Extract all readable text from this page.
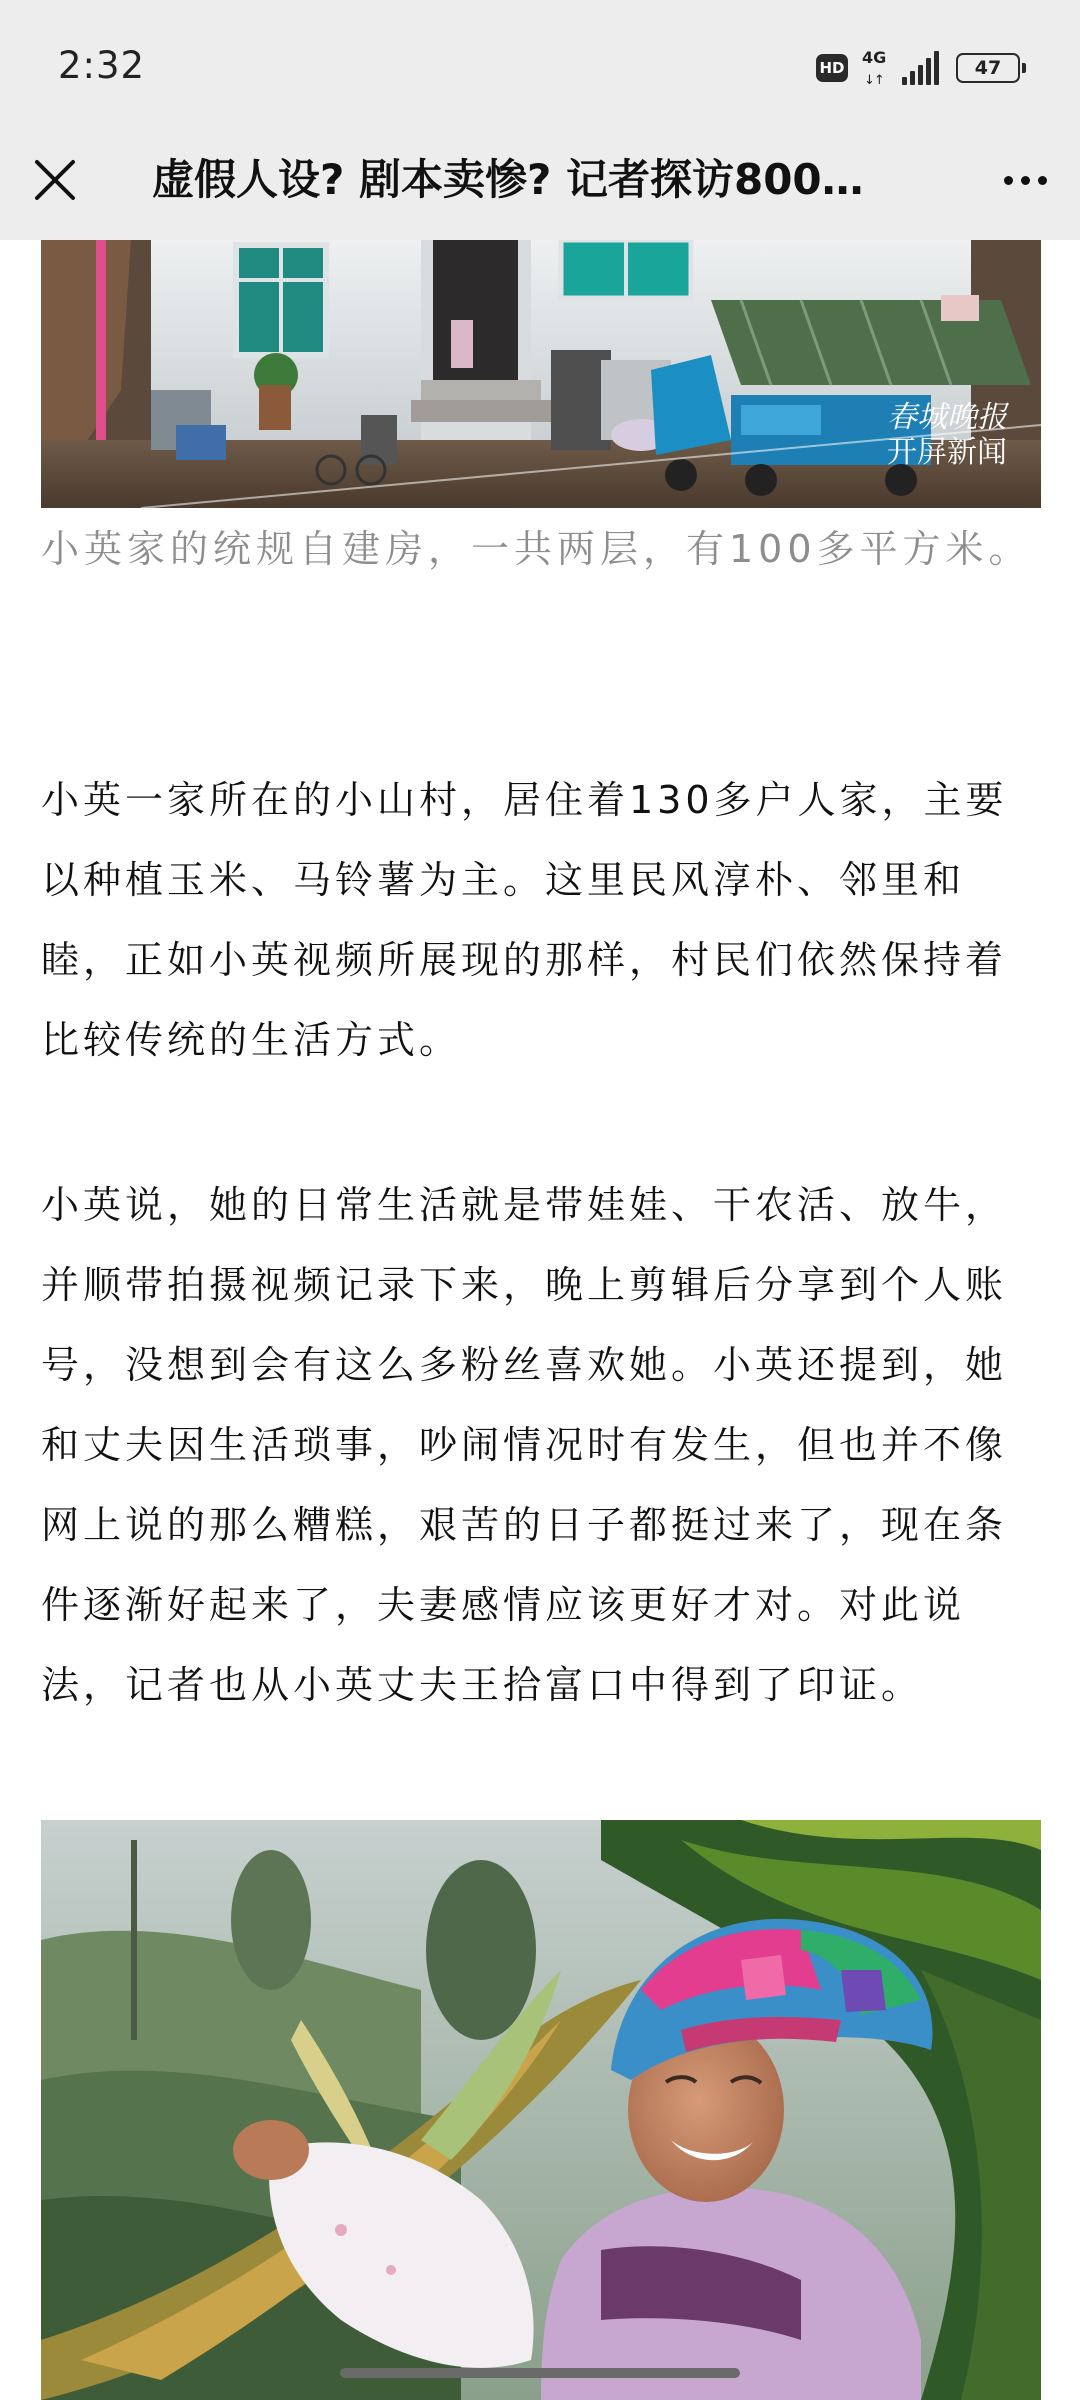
2:32	HD
4G
↓↑
47
虚假人设? 剧本卖惨? 记者探访800…
春城晚报
开屏新闻

小英家的统规自建房，一共两层，有100多平方米。

小英一家所在的小山村，居住着130多户人家，主要以种植玉米、马铃薯为主。这里民风淳朴、邻里和睦，正如小英视频所展现的那样，村民们依然保持着比较传统的生活方式。

小英说，她的日常生活就是带娃娃、干农活、放牛，并顺带拍摄视频记录下来，晚上剪辑后分享到个人账号，没想到会有这么多粉丝喜欢她。小英还提到，她和丈夫因生活琐事，吵闹情况时有发生，但也并不像网上说的那么糟糕，艰苦的日子都挺过来了，现在条件逐渐好起来了，夫妻感情应该更好才对。对此说法，记者也从小英丈夫王拾富口中得到了印证。
